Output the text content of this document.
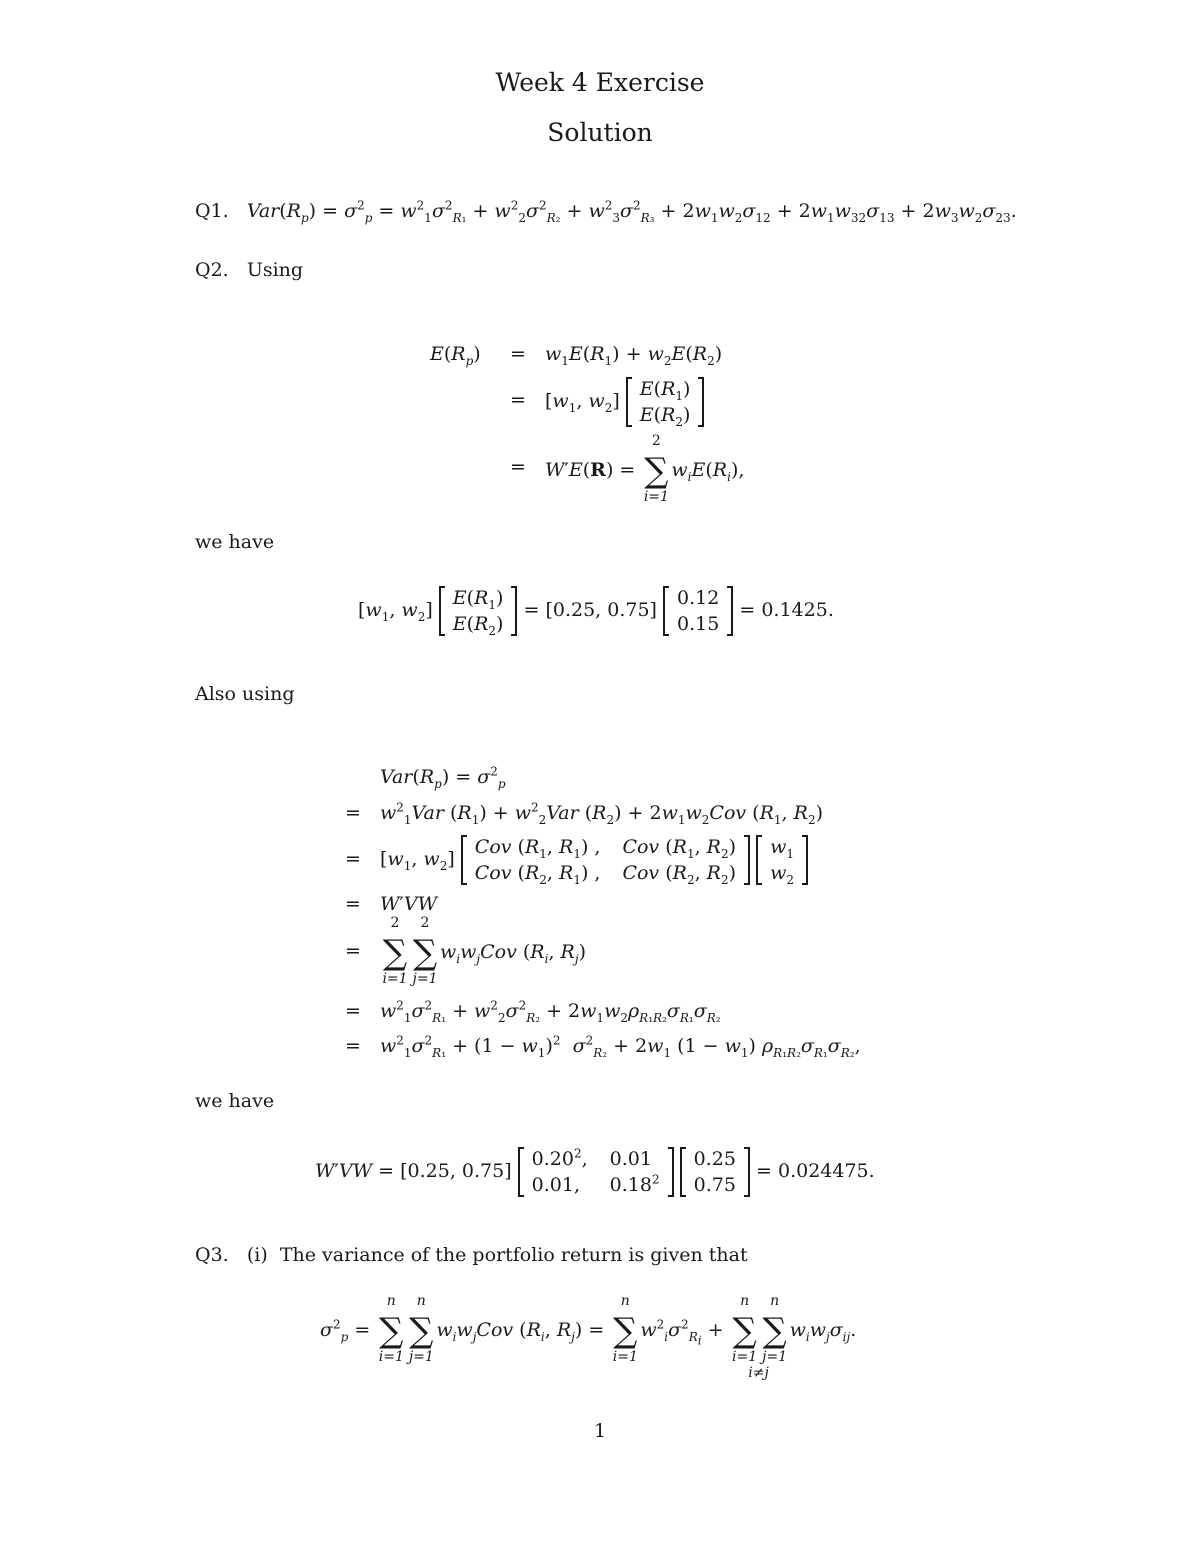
Week 4 Exercise
Solution
Q1. $Var(R_p) = \sigma^2_p = w^2_1\sigma^2_{R_1} + w^2_2\sigma^2_{R_2} + w^2_3\sigma^2_{R_3} + 2w_1w_2\sigma_{12} + 2w_1w_{32}\sigma_{13} + 2w_3w_2\sigma_{23}$.
Q2. Using
$E(R_p) = w_1E(R_1) + w_2E(R_2)$
= [$w_1$, $w_2$] $E(R_1)$
$E(R_2)$
= W′E(R) =
2
∑
i=1
$w_iE(R_i)$,
we have
[$w_1$, $w_2$] $E(R_1)$
$E(R_2) = [0.25$, 0.75] 0.12
0.15 = 0.1425.
Also using
$Var(R_p) = \sigma^2_p$
= $w^2_1Var$ $(R_1) + w^2_2Var$ $(R_2) + 2w_1w_2Cov$ ($R_1$, $R_2$)
= [$w_1$, $w_2$]
Cov ($R_1$, $R_1$) , Cov ($R_1$, $R_2$)
Cov ($R_2$, $R_1$) , Cov ($R_2$, $R_2$)
$w_1$
$w_2$
= W′VW
=
2
∑
i=1
2
∑
j=1
$w_iw_jCov$ ($R_i$, $R_j$)
= $w^2_1\sigma^2_{R_1} + w^2_2\sigma^2_{R_2} + 2w_1w_2\rho_{R_1R_2}\sigma_{R_1}\sigma_{R_2}$
= $w^2_1\sigma^2_{R_1} + (1 - w_1)^2$ $\sigma^2_{R_2} + 2w_1$ $(1 - w_1)$ $\rho_{R_1R_2}\sigma_{R_1}\sigma_{R_2}$,
we have
W′VW = [0.25, 0.75]
0.20$^2$, 0.01
0.01,	0.18$^2$
0.25
0.75 = 0.024475.
Q3. (i) The variance of the portfolio return is given that
$\sigma^2_p$ =
n
∑
i=1
n
∑
j=1
$w_iw_jCov$ ($R_i$, $R_j$) =
n
∑
i=1
$w^2_i\sigma^2_{R_i}$ +
n
∑
i=1
i≠j
n
∑
j=1
$w_iw_j\sigma_{ij}$.
1
